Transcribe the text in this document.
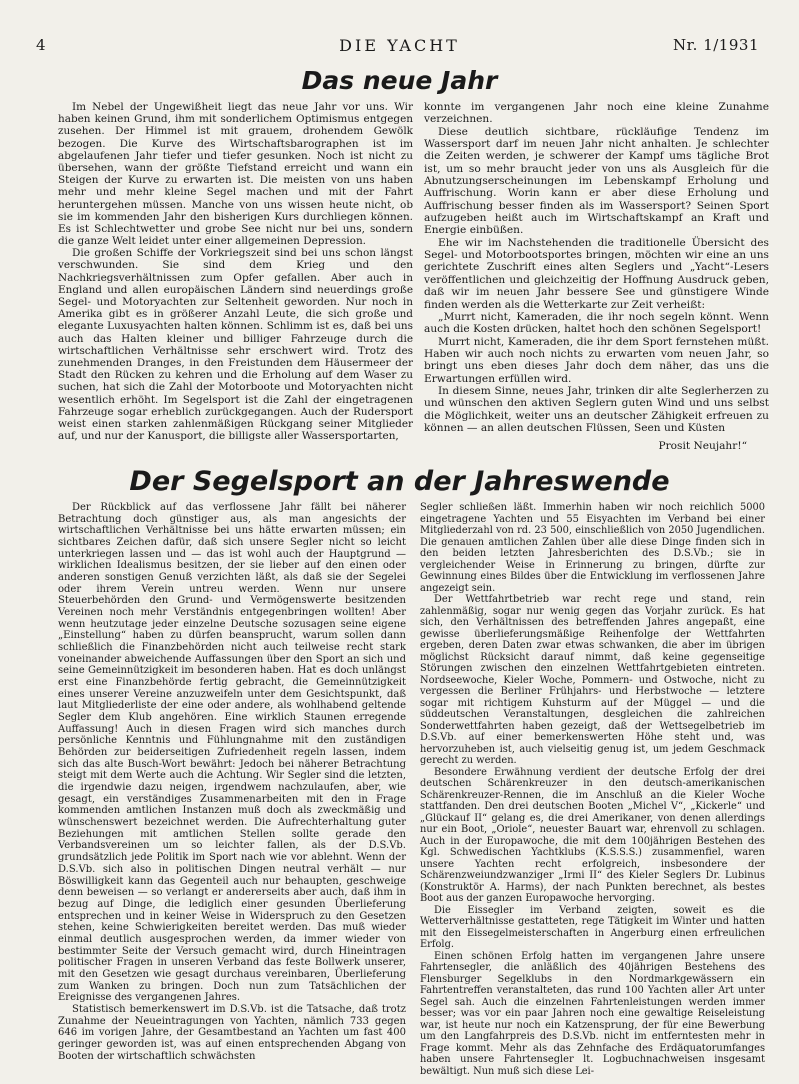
4	DIE YACHT	Nr. 1/1931
Das neue Jahr

Im Nebel der Ungewißheit liegt das neue Jahr vor uns. Wir haben keinen Grund, ihm mit sonderlichem Optimismus entgegen zusehen. Der Himmel ist mit grauem, drohendem Gewölk bezogen. Die Kurve des Wirtschaftsbarographen ist im abgelaufenen Jahr tiefer und tiefer gesunken. Noch ist nicht zu übersehen, wann der größte Tiefstand erreicht und wann ein Steigen der Kurve zu erwarten ist. Die meisten von uns haben mehr und mehr kleine Segel machen und mit der Fahrt heruntergehen müssen. Manche von uns wissen heute nicht, ob sie im kommenden Jahr den bisherigen Kurs durchliegen können. Es ist Schlechtwetter und grobe See nicht nur bei uns, sondern die ganze Welt leidet unter einer allgemeinen Depression.

Die großen Schiffe der Vorkriegszeit sind bei uns schon längst verschwunden. Sie sind dem Krieg und den Nachkriegsverhältnissen zum Opfer gefallen. Aber auch in England und allen europäischen Ländern sind neuerdings große Segel- und Motoryachten zur Seltenheit geworden. Nur noch in Amerika gibt es in größerer Anzahl Leute, die sich große und elegante Luxusyachten halten können. Schlimm ist es, daß bei uns auch das Halten kleiner und billiger Fahrzeuge durch die wirtschaftlichen Verhältnisse sehr erschwert wird. Trotz des zunehmenden Dranges, in den Freistunden dem Häusermeer der Stadt den Rücken zu kehren und die Erholung auf dem Waser zu suchen, hat sich die Zahl der Motorboote und Motoryachten nicht wesentlich erhöht. Im Segelsport ist die Zahl der eingetragenen Fahrzeuge sogar erheblich zurückgegangen. Auch der Rudersport weist einen starken zahlenmäßigen Rückgang seiner Mitglieder auf, und nur der Kanusport, die billigste aller Wassersportarten,

konnte im vergangenen Jahr noch eine kleine Zunahme verzeichnen.

Diese deutlich sichtbare, rückläufige Tendenz im Wassersport darf im neuen Jahr nicht anhalten. Je schlechter die Zeiten werden, je schwerer der Kampf ums tägliche Brot ist, um so mehr braucht jeder von uns als Ausgleich für die Abnutzungserscheinungen im Lebenskampf Erholung und Auffrischung. Worin kann er aber diese Erholung und Auffrischung besser finden als im Wassersport? Seinen Sport aufzugeben heißt auch im Wirtschaftskampf an Kraft und Energie einbüßen.

Ehe wir im Nachstehenden die traditionelle Übersicht des Segel- und Motorbootsportes bringen, möchten wir eine an uns gerichtete Zuschrift eines alten Seglers und „Yacht“-Lesers veröffentlichen und gleichzeitig der Hoffnung Ausdruck geben, daß wir im neuen Jahr bessere See und günstigere Winde finden werden als die Wetterkarte zur Zeit verheißt:

„Murrt nicht, Kameraden, die ihr noch segeln könnt. Wenn auch die Kosten drücken, haltet hoch den schönen Segelsport!

Murrt nicht, Kameraden, die ihr dem Sport fernstehen müßt. Haben wir auch noch nichts zu erwarten vom neuen Jahr, so bringt uns eben dieses Jahr doch dem näher, das uns die Erwartungen erfüllen wird.

In diesem Sinne, neues Jahr, trinken dir alte Seglerherzen zu und wünschen den aktiven Seglern guten Wind und uns selbst die Möglichkeit, weiter uns an deutscher Zähigkeit erfreuen zu können — an allen deutschen Flüssen, Seen und Küsten

Prosit Neujahr!“

Der Segelsport an der Jahreswende

Der Rückblick auf das verflossene Jahr fällt bei näherer Betrachtung doch günstiger aus, als man angesichts der wirtschaftlichen Verhältnisse bei uns hätte erwarten müssen; ein sichtbares Zeichen dafür, daß sich unsere Segler nicht so leicht unterkriegen lassen und — das ist wohl auch der Hauptgrund — wirklichen Idealismus besitzen, der sie lieber auf den einen oder anderen sonstigen Genuß verzichten läßt, als daß sie der Segelei oder ihrem Verein untreu werden. Wenn nur unsere Steuerbehörden den Grund- und Vermögenswerte besitzenden Vereinen noch mehr Verständnis entgegenbringen wollten! Aber wenn heutzutage jeder einzelne Deutsche sozusagen seine eigene „Einstellung“ haben zu dürfen beansprucht, warum sollen dann schließlich die Finanzbehörden nicht auch teilweise recht stark voneinander abweichende Auffassungen über den Sport an sich und seine Gemeinnützigkeit im besonderen haben. Hat es doch unlängst erst eine Finanzbehörde fertig gebracht, die Gemeinnützigkeit eines unserer Vereine anzuzweifeln unter dem Gesichtspunkt, daß laut Mitgliederliste der eine oder andere, als wohlhabend geltende Segler dem Klub angehören. Eine wirklich Staunen erregende Auffassung! Auch in diesen Fragen wird sich manches durch persönliche Kenntnis und Fühlungnahme mit den zuständigen Behörden zur beiderseitigen Zufriedenheit regeln lassen, indem sich das alte Busch-Wort bewährt: Jedoch bei näherer Betrachtung steigt mit dem Werte auch die Achtung. Wir Segler sind die letzten, die irgendwie dazu neigen, irgendwem nachzulaufen, aber, wie gesagt, ein verständiges Zusammenarbeiten mit den in Frage kommenden amtlichen Instanzen muß doch als zweckmäßig und wünschenswert bezeichnet werden. Die Aufrechterhaltung guter Beziehungen mit amtlichen Stellen sollte gerade den Verbandsvereinen um so leichter fallen, als der D.S.Vb. grundsätzlich jede Politik im Sport nach wie vor ablehnt. Wenn der D.S.Vb. sich also in politischen Dingen neutral verhält — nur Böswilligkeit kann das Gegenteil auch nur behaupten, geschweige denn beweisen — so verlangt er andererseits aber auch, daß ihm in bezug auf Dinge, die lediglich einer gesunden Überlieferung entsprechen und in keiner Weise in Widerspruch zu den Gesetzen stehen, keine Schwierigkeiten bereitet werden. Das muß wieder einmal deutlich ausgesprochen werden, da immer wieder von bestimmter Seite der Versuch gemacht wird, durch Hineintragen politischer Fragen in unseren Verband das feste Bollwerk unserer, mit den Gesetzen wie gesagt durchaus vereinbaren, Überlieferung zum Wanken zu bringen. Doch nun zum Tatsächlichen der Ereignisse des vergangenen Jahres.

Statistisch bemerkenswert im D.S.Vb. ist die Tatsache, daß trotz Zunahme der Neueintragungen von Yachten, nämlich 733 gegen 646 im vorigen Jahre, der Gesamtbestand an Yachten um fast 400 geringer geworden ist, was auf einen entsprechenden Abgang von Booten der wirtschaftlich schwächsten

Segler schließen läßt. Immerhin haben wir noch reichlich 5000 eingetragene Yachten und 55 Eisyachten im Verband bei einer Mitgliederzahl von rd. 23 500, einschließlich von 2050 Jugendlichen. Die genauen amtlichen Zahlen über alle diese Dinge finden sich in den beiden letzten Jahresberichten des D.S.Vb.; sie in vergleichender Weise in Erinnerung zu bringen, dürfte zur Gewinnung eines Bildes über die Entwicklung im verflossenen Jahre angezeigt sein.

Der Wettfahrtbetrieb war recht rege und stand, rein zahlenmäßig, sogar nur wenig gegen das Vorjahr zurück. Es hat sich, den Verhältnissen des betreffenden Jahres angepaßt, eine gewisse überlieferungsmäßige Reihenfolge der Wettfahrten ergeben, deren Daten zwar etwas schwanken, die aber im übrigen möglichst Rücksicht darauf nimmt, daß keine gegenseitige Störungen zwischen den einzelnen Wettfahrtgebieten eintreten. Nordseewoche, Kieler Woche, Pommern- und Ostwoche, nicht zu vergessen die Berliner Frühjahrs- und Herbstwoche — letztere sogar mit richtigem Kuhsturm auf der Müggel — und die süddeutschen Veranstaltungen, desgleichen die zahlreichen Sonderwettfahrten haben gezeigt, daß der Wettsegelbetrieb im D.S.Vb. auf einer bemerkenswerten Höhe steht und, was hervorzuheben ist, auch vielseitig genug ist, um jedem Geschmack gerecht zu werden.

Besondere Erwähnung verdient der deutsche Erfolg der drei deutschen Schärenkreuzer in den deutsch-amerikanischen Schärenkreuzer-Rennen, die im Anschluß an die Kieler Woche stattfanden. Den drei deutschen Booten „Michel V“, „Kickerle“ und „Glückauf II“ gelang es, die drei Amerikaner, von denen allerdings nur ein Boot, „Oriole“, neuester Bauart war, ehrenvoll zu schlagen. Auch in der Europawoche, die mit dem 100jährigen Bestehen des Kgl. Schwedischen Yachtklubs (K.S.S.S.) zusammenfiel, waren unsere Yachten recht erfolgreich, insbesondere der Schärenzweiundzwanziger „Irmi II“ des Kieler Seglers Dr. Lubinus (Konstruktör A. Harms), der nach Punkten berechnet, als bestes Boot aus der ganzen Europawoche hervorging.

Die Eissegler im Verband zeigten, soweit es die Wetterverhältnisse gestatteten, rege Tätigkeit im Winter und hatten mit den Eissegelmeisterschaften in Angerburg einen erfreulichen Erfolg.

Einen schönen Erfolg hatten im vergangenen Jahre unsere Fahrtensegler, die anläßlich des 40jährigen Bestehens des Flensburger Segelklubs in den Nordmarkgewässern ein Fahrtentreffen veranstalteten, das rund 100 Yachten aller Art unter Segel sah. Auch die einzelnen Fahrtenleistungen werden immer besser; was vor ein paar Jahren noch eine gewaltige Reiseleistung war, ist heute nur noch ein Katzensprung, der für eine Bewerbung um den Langfahrpreis des D.S.Vb. nicht im entferntesten mehr in Frage kommt. Mehr als das Zehnfache des Erdäquatorumfanges haben unsere Fahrtensegler lt. Logbuchnachweisen insgesamt bewältigt. Nun muß sich diese Lei-
